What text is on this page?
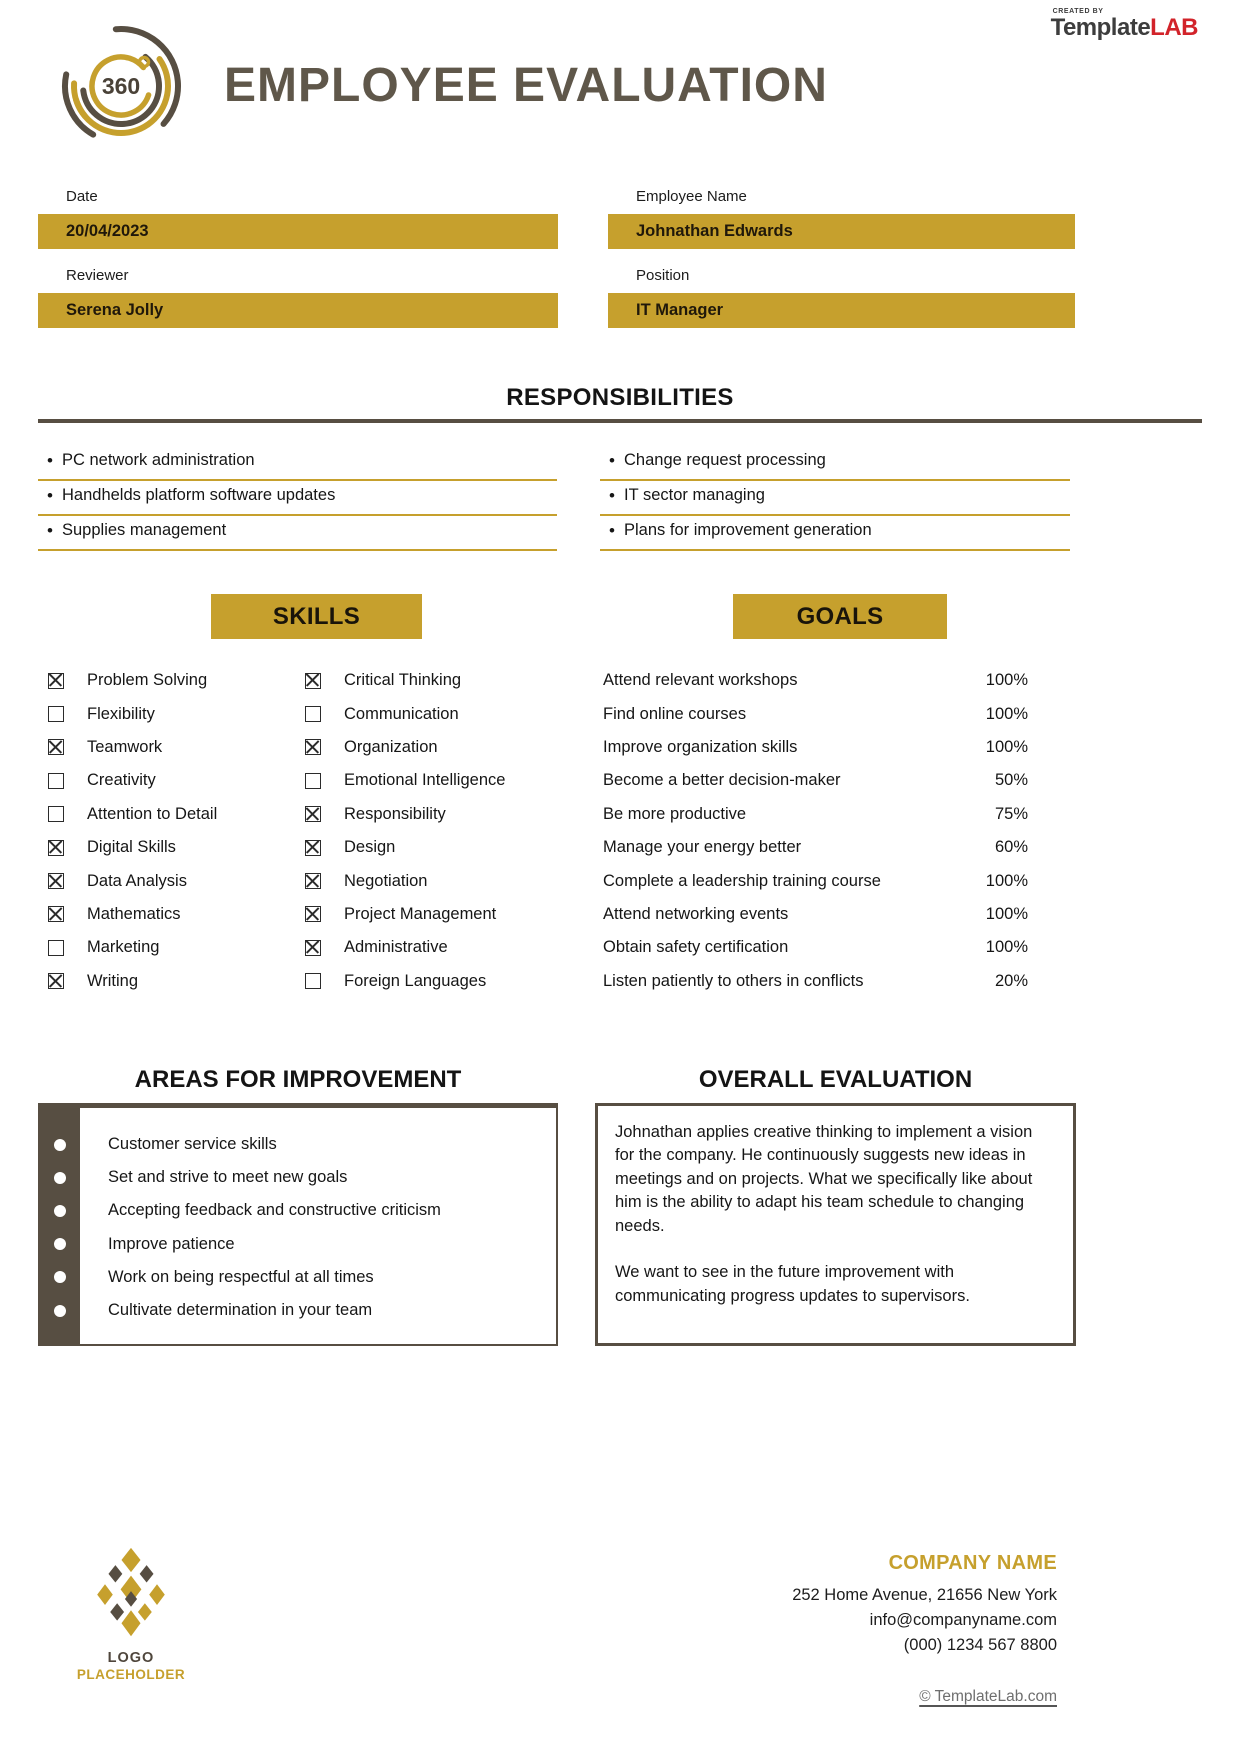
CREATED BY
TemplateLAB
360 EMPLOYEE EVALUATION
Date
20/04/2023
Employee Name
Johnathan Edwards
Reviewer
Serena Jolly
Position
IT Manager
RESPONSIBILITIES
• PC network administration
• Handhelds platform software updates
• Supplies management
• Change request processing
• IT sector managing
• Plans for improvement generation
SKILLS	GOALS
Problem Solving
Flexibility
Teamwork
Creativity
Attention to Detail
Digital Skills
Data Analysis
Mathematics
Marketing
Writing
Critical Thinking
Communication
Organization
Emotional Intelligence
Responsibility
Design
Negotiation
Project Management
Administrative
Foreign Languages
Attend relevant workshops	100%
Find online courses	100%
Improve organization skills	100%
Become a better decision-maker	50%
Be more productive	75%
Manage your energy better	60%
Complete a leadership training course	100%
Attend networking events	100%
Obtain safety certification	100%
Listen patiently to others in conflicts	20%
AREAS FOR IMPROVEMENT
Customer service skills
Set and strive to meet new goals
Accepting feedback and constructive criticism
Improve patience
Work on being respectful at all times
Cultivate determination in your team
OVERALL EVALUATION

Johnathan applies creative thinking to implement a vision for the company. He continuously suggests new ideas in meetings and on projects. What we specifically like about him is the ability to adapt his team schedule to changing needs.

We want to see in the future improvement with communicating progress updates to supervisors.

LOGO
PLACEHOLDER
COMPANY NAME
252 Home Avenue, 21656 New York
info@companyname.com
(000) 1234 567 8800
© TemplateLab.com
